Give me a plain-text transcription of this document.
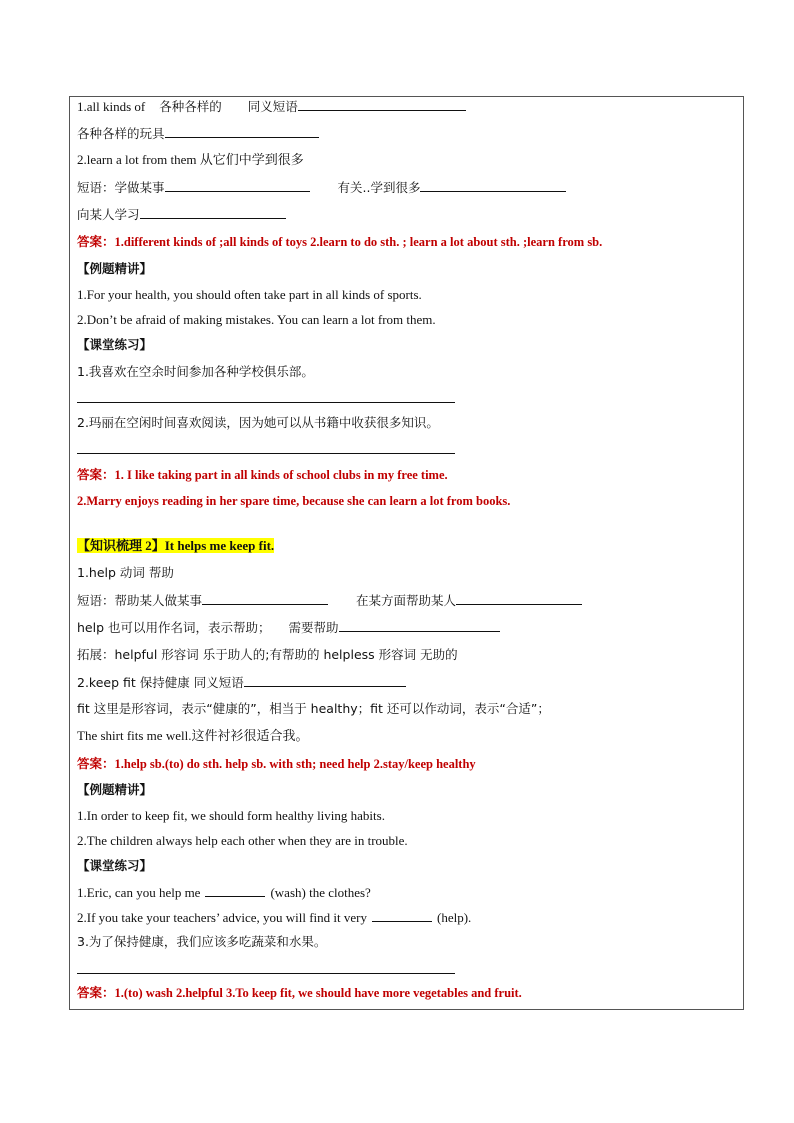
1.all kinds of 各种各样的 同义短语
各种各样的玩具
2.learn a lot from them 从它们中学到很多
短语：学做某事	有关..学到很多
向某人学习
答案：1.different kinds of ;all kinds of toys 2.learn to do sth. ; learn a lot about sth. ;learn from sb.
【例题精讲】
1.For your health, you should often take part in all kinds of sports.
2.Don’t be afraid of making mistakes. You can learn a lot from them.
【课堂练习】
1.我喜欢在空余时间参加各种学校俱乐部。
2.玛丽在空闲时间喜欢阅读，因为她可以从书籍中收获很多知识。
答案：1. I like taking part in all kinds of school clubs in my free time.
2.Marry enjoys reading in her spare time, because she can learn a lot from books.
【知识梳理 2】It helps me keep fit.
1.help 动词 帮助
短语：帮助某人做某事	在某方面帮助某人
help 也可以用作名词，表示帮助； 需要帮助
拓展：helpful 形容词 乐于助人的;有帮助的 helpless 形容词 无助的
2.keep fit 保持健康 同义短语
fit 这里是形容词，表示“健康的”，相当于 healthy；fit 还可以作动词，表示“合适”；
The shirt fits me well.这件衬衫很适合我。
答案：1.help sb.(to) do sth. help sb. with sth; need help 2.stay/keep healthy
【例题精讲】
1.In order to keep fit, we should form healthy living habits.
2.The children always help each other when they are in trouble.
【课堂练习】
1.Eric, can you help me	(wash) the clothes?
2.If you take your teachers’ advice, you will find it very	(help).
3.为了保持健康，我们应该多吃蔬菜和水果。
答案：1.(to) wash 2.helpful 3.To keep fit, we should have more vegetables and fruit.
